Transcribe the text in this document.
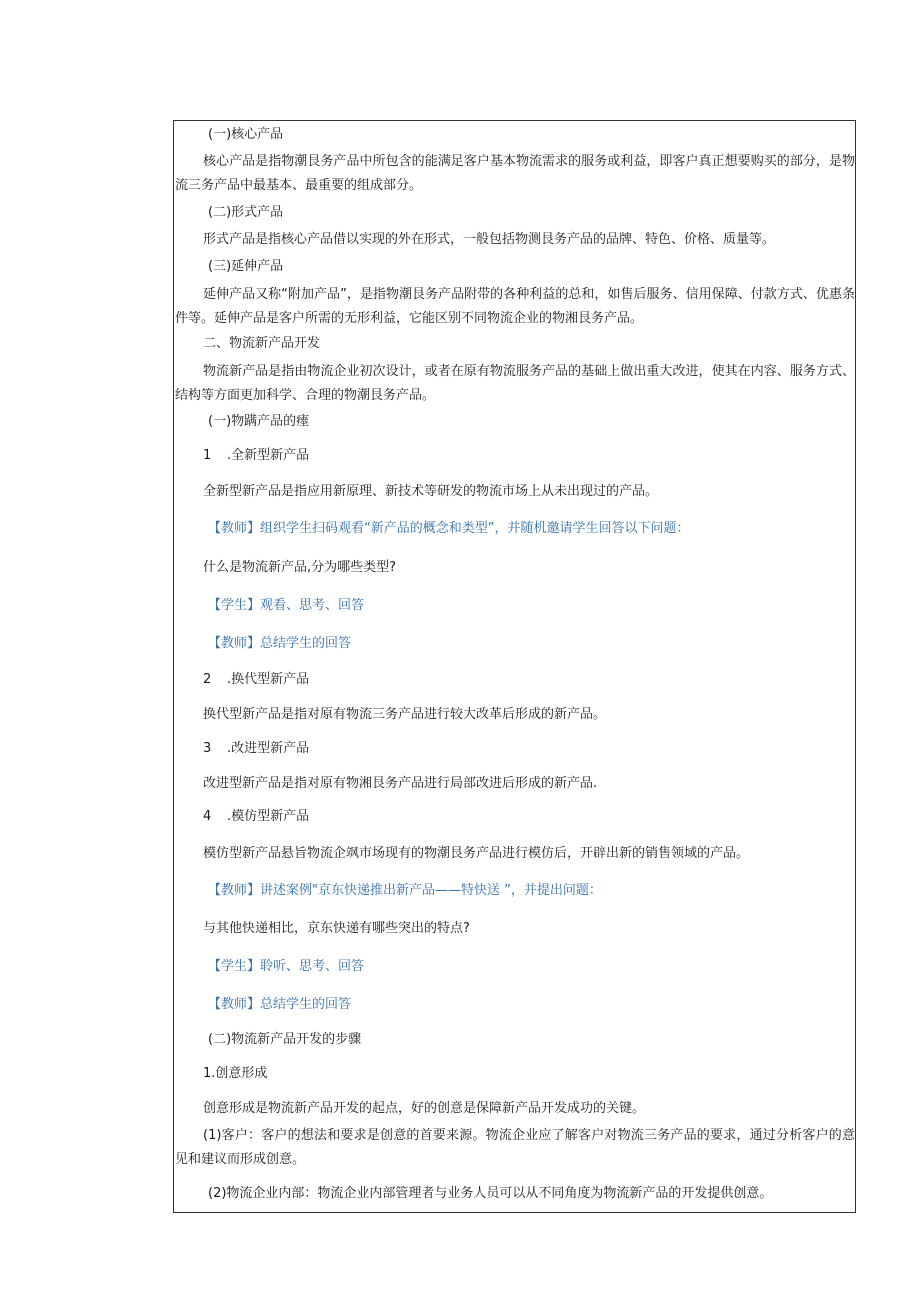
(一)核心产品

核心产品是指物潮艮务产品中所包含的能满足客户基本物流需求的服务或利益，即客户真正想要购买的部分，是物流三务产品中最基本、最重要的组成部分。

(二)形式产品

形式产品是指核心产品借以实现的外在形式，一般包括物测艮务产品的品牌、特色、价格、质量等。

(三)延伸产品

延伸产品又称“附加产品”，是指物潮艮务产品附带的各种利益的总和，如售后服务、信用保障、付款方式、优惠条件等。延伸产品是客户所需的无形利益，它能区别不同物流企业的物湘艮务产品。

二、物流新产品开发

物流新产品是指由物流企业初次设计，或者在原有物流服务产品的基础上做出重大改进，使其在内容、服务方式、结构等方面更加科学、合理的物潮艮务产品。

(一)物蹒产品的瘗

1 .全新型新产品

全新型新产品是指应用新原理、新技术等研发的物流市场上从未出现过的产品。

【教师】组织学生扫码观看“新产品的概念和类型”，并随机邀请学生回答以下问题：

什么是物流新产品,分为哪些类型?

【学生】观看、思考、回答

【教师】总结学生的回答

2 .换代型新产品

换代型新产品是指对原有物流三务产品进行较大改革后形成的新产品。

3 .改进型新产品

改进型新产品是指对原有物湘艮务产品进行局部改进后形成的新产品.

4 .模仿型新产品

模仿型新产品悬旨物流企飒市场现有的物潮艮务产品进行模仿后，开辟出新的销售领域的产品。

【教师】讲述案例"京东快递推出新产品——特快送 ”，并提出问题：

与其他快递相比，京东快递有哪些突出的特点?

【学生】聆听、思考、回答

【教师】总结学生的回答

(二)物流新产品开发的步骤

1.创意形成

创意形成是物流新产品开发的起点，好的创意是保障新产品开发成功的关键。

(1)客户：客户的想法和要求是创意的首要来源。物流企业应了解客户对物流三务产品的要求，通过分析客户的意见和建议而形成创意。

(2)物流企业内部：物流企业内部管理者与业务人员可以从不同角度为物流新产品的开发提供创意。
